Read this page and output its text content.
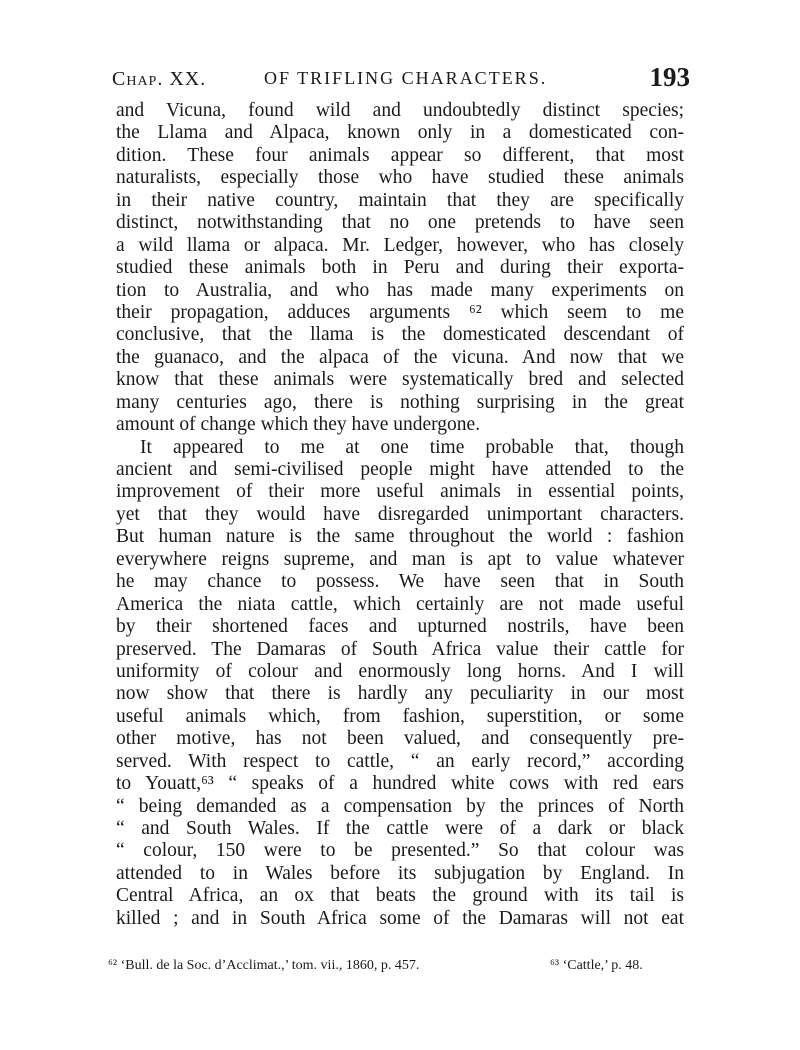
Chap. XX.	OF TRIFLING CHARACTERS.	193
and Vicuna, found wild and undoubtedly distinct species;
the Llama and Alpaca, known only in a domesticated con-
dition. These four animals appear so different, that most
naturalists, especially those who have studied these animals
in their native country, maintain that they are specifically
distinct, notwithstanding that no one pretends to have seen
a wild llama or alpaca. Mr. Ledger, however, who has closely
studied these animals both in Peru and during their exporta-
tion to Australia, and who has made many experiments on
their propagation, adduces arguments ⁶² which seem to me
conclusive, that the llama is the domesticated descendant of
the guanaco, and the alpaca of the vicuna. And now that we
know that these animals were systematically bred and selected
many centuries ago, there is nothing surprising in the great
amount of change which they have undergone.
It appeared to me at one time probable that, though
ancient and semi-civilised people might have attended to the
improvement of their more useful animals in essential points,
yet that they would have disregarded unimportant characters.
But human nature is the same throughout the world : fashion
everywhere reigns supreme, and man is apt to value whatever
he may chance to possess. We have seen that in South
America the niata cattle, which certainly are not made useful
by their shortened faces and upturned nostrils, have been
preserved. The Damaras of South Africa value their cattle for
uniformity of colour and enormously long horns. And I will
now show that there is hardly any peculiarity in our most
useful animals which, from fashion, superstition, or some
other motive, has not been valued, and consequently pre-
served. With respect to cattle, “ an early record,” according
to Youatt,⁶³ “ speaks of a hundred white cows with red ears
“ being demanded as a compensation by the princes of North
“ and South Wales. If the cattle were of a dark or black
“ colour, 150 were to be presented.” So that colour was
attended to in Wales before its subjugation by England. In
Central Africa, an ox that beats the ground with its tail is
killed ; and in South Africa some of the Damaras will not eat
⁶² ‘Bull. de la Soc. d’Acclimat.,’ tom. vii., 1860, p. 457.	⁶³ ‘Cattle,’ p. 48.
